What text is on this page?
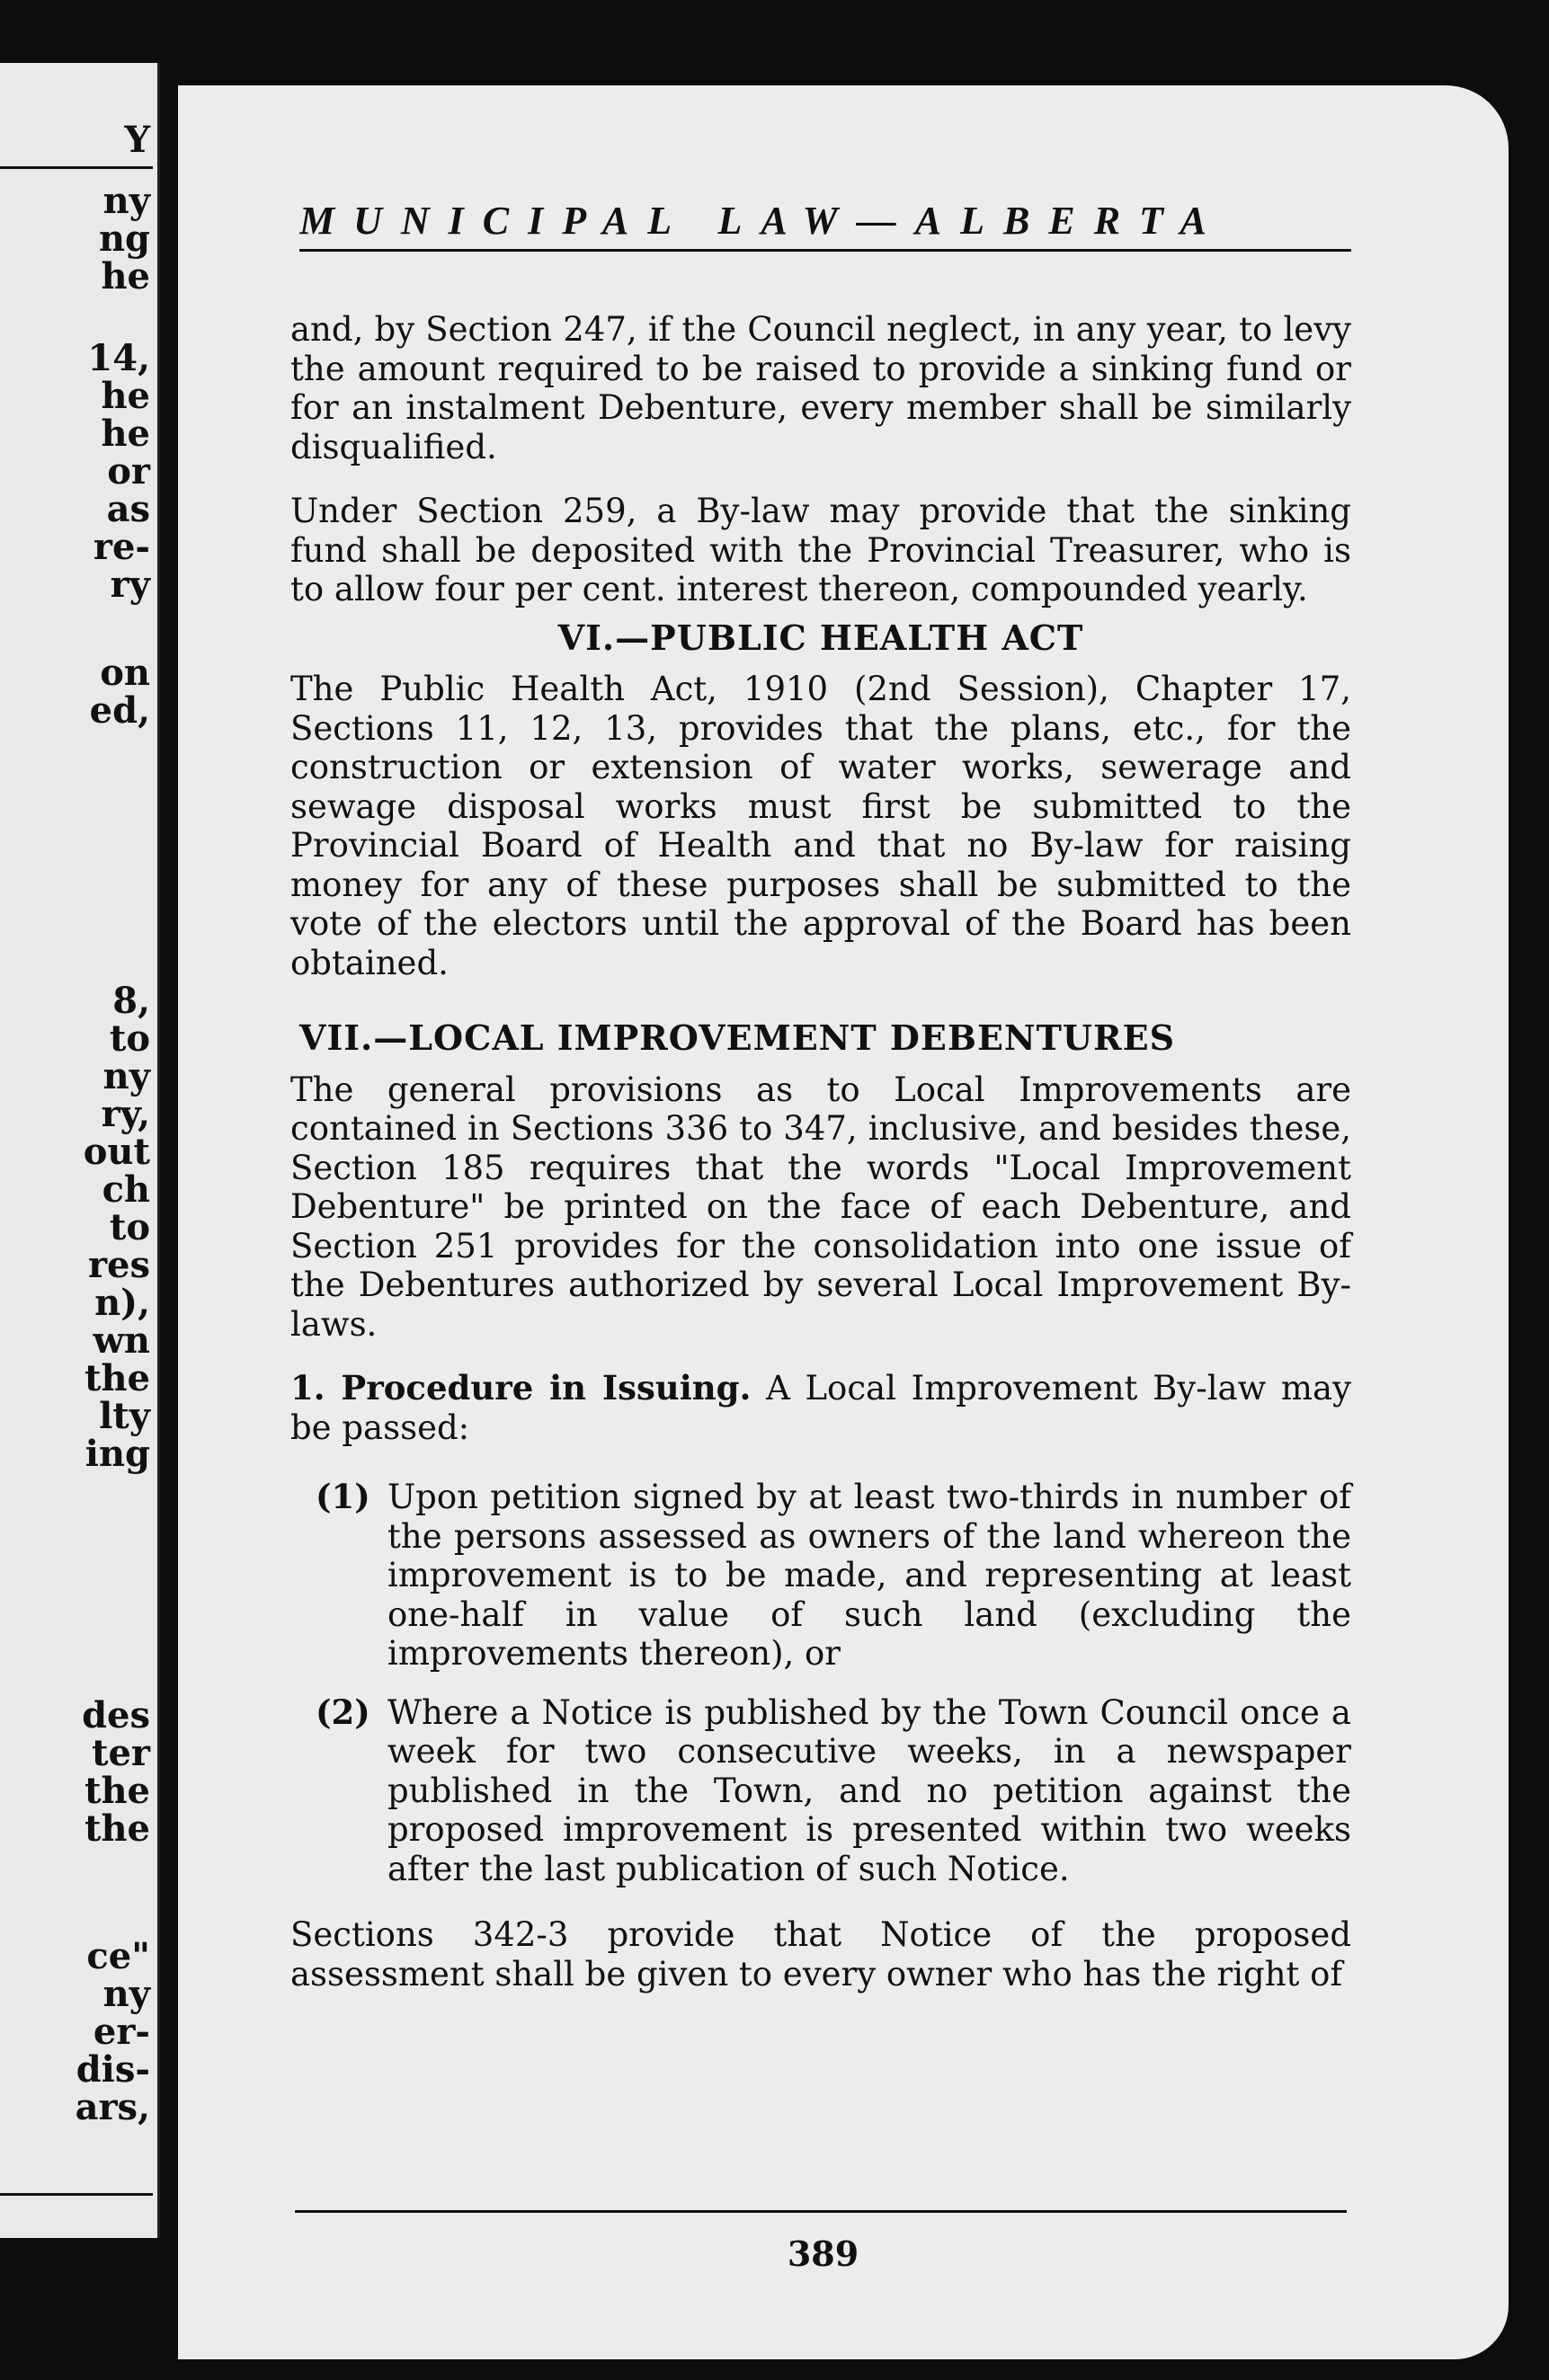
Y
ny
ng
he
14,
he
he
or
as
re-
ry
on
ed,
8,
to
ny
ry,
out
ch
to
res
n),
wn
the
lty
ing
des
ter
the
the
ce"
ny
er-
dis-
ars,
MUNICIPAL LAW—ALBERTA

and, by Section 247, if the Council neglect, in any year, to levy the amount required to be raised to provide a sinking fund or for an instalment Debenture, every member shall be similarly disqualified.

Under Section 259, a By-law may provide that the sinking fund shall be deposited with the Provincial Treasurer, who is to allow four per cent. interest thereon, compounded yearly.

VI.—PUBLIC HEALTH ACT

The Public Health Act, 1910 (2nd Session), Chapter 17, Sections 11, 12, 13, provides that the plans, etc., for the construction or extension of water works, sewerage and sewage disposal works must first be submitted to the Provincial Board of Health and that no By-law for raising money for any of these purposes shall be submitted to the vote of the electors until the approval of the Board has been obtained.

VII.—LOCAL IMPROVEMENT DEBENTURES

The general provisions as to Local Improvements are contained in Sections 336 to 347, inclusive, and besides these, Section 185 requires that the words "Local Improvement Debenture" be printed on the face of each Debenture, and Section 251 provides for the consolidation into one issue of the Debentures authorized by several Local Improvement By-laws.

1. Procedure in Issuing. A Local Improvement By-law may be passed:

(1) Upon petition signed by at least two-thirds in number of the persons assessed as owners of the land whereon the improvement is to be made, and representing at least one-half in value of such land (excluding the improvements thereon), or
(2) Where a Notice is published by the Town Council once a week for two consecutive weeks, in a newspaper published in the Town, and no petition against the proposed improvement is presented within two weeks after the last publication of such Notice.

Sections 342-3 provide that Notice of the proposed assessment shall be given to every owner who has the right of

389
